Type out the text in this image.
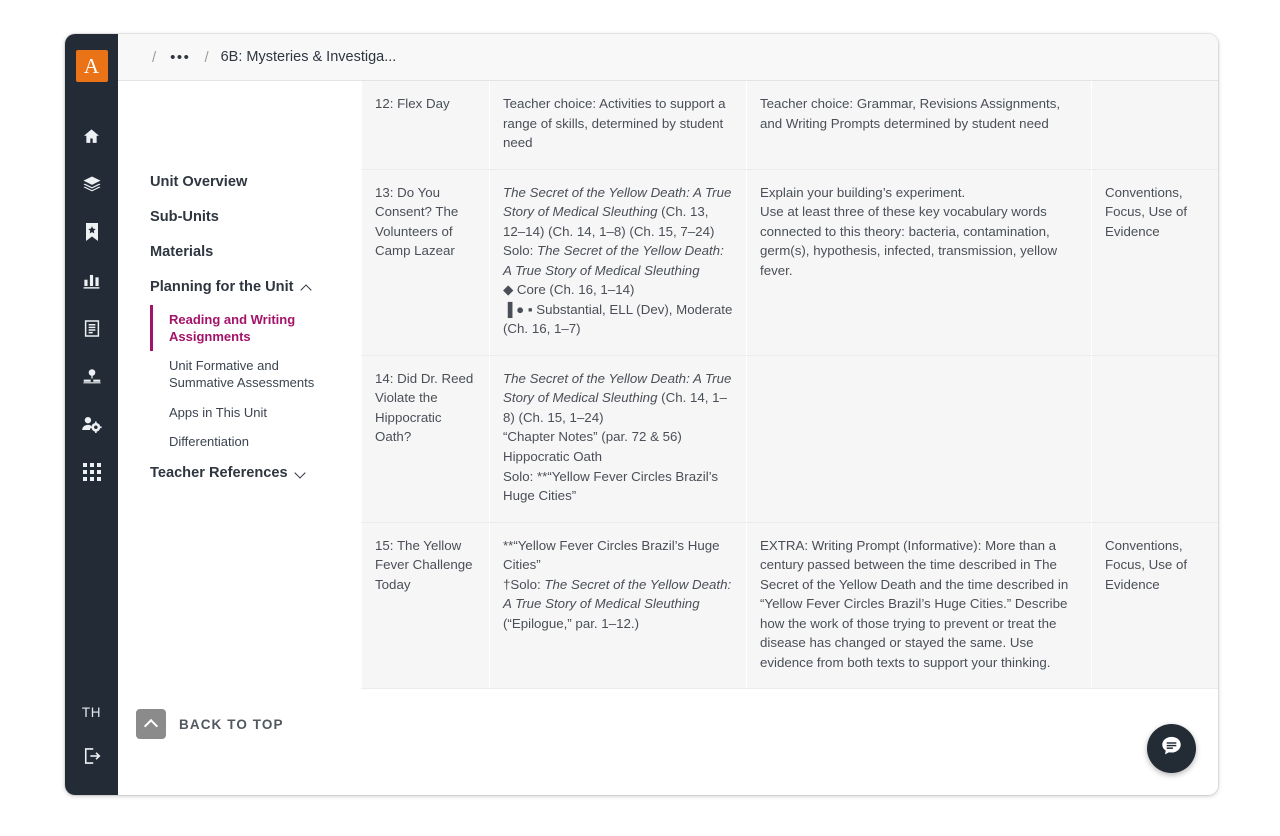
A
TH
/ ••• / 6B: Mysteries & Investiga...
Unit Overview
Sub-Units
Materials
Planning for the Unit
Reading and Writing Assignments
Unit Formative and Summative Assessments
Apps in This Unit
Differentiation
Teacher References
BACK TO TOP
12: Flex Day	Teacher choice: Activities to support a range of skills, determined by student need	Teacher choice: Grammar, Revisions Assignments, and Writing Prompts determined by student need	
13: Do You Consent? The Volunteers of Camp Lazear	The Secret of the Yellow Death: A True Story of Medical Sleuthing (Ch. 13, 12–14) (Ch. 14, 1–8) (Ch. 15, 7–24)
Solo: The Secret of the Yellow Death: A True Story of Medical Sleuthing
◆ Core (Ch. 16, 1–14)
▐ ● ▪ Substantial, ELL (Dev), Moderate (Ch. 16, 1–7)	Explain your building’s experiment.
Use at least three of these key vocabulary words connected to this theory: bacteria, contamination, germ(s), hypothesis, infected, transmission, yellow fever.	Conventions, Focus, Use of Evidence
14: Did Dr. Reed Violate the Hippocratic Oath?	The Secret of the Yellow Death: A True Story of Medical Sleuthing (Ch. 14, 1–8) (Ch. 15, 1–24)
“Chapter Notes” (par. 72 & 56)
Hippocratic Oath
Solo: **“Yellow Fever Circles Brazil’s Huge Cities”		
15: The Yellow Fever Challenge Today	**“Yellow Fever Circles Brazil’s Huge Cities”
†Solo: The Secret of the Yellow Death: A True Story of Medical Sleuthing (“Epilogue,” par. 1–12.)	EXTRA: Writing Prompt (Informative): More than a century passed between the time described in The Secret of the Yellow Death and the time described in “Yellow Fever Circles Brazil’s Huge Cities.” Describe how the work of those trying to prevent or treat the disease has changed or stayed the same. Use evidence from both texts to support your thinking.	Conventions, Focus, Use of Evidence
